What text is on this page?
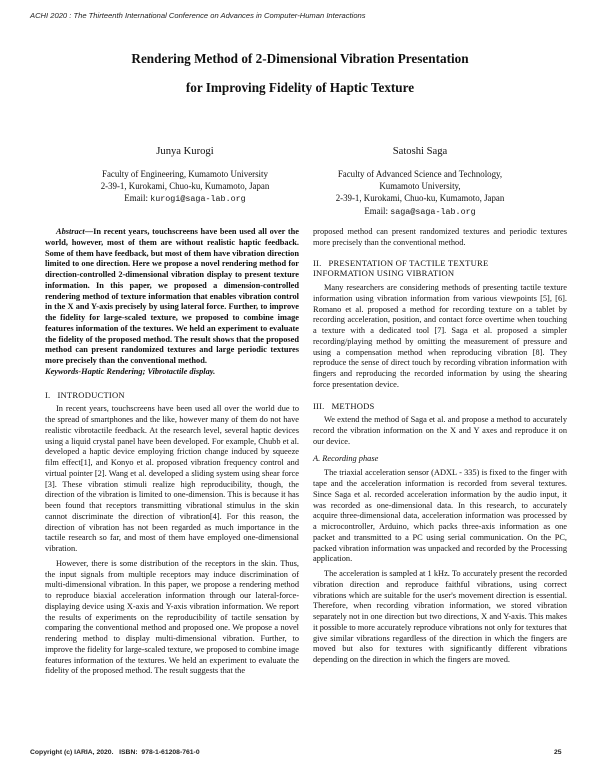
ACHI 2020 : The Thirteenth International Conference on Advances in Computer-Human Interactions
Rendering Method of 2-Dimensional Vibration Presentation
for Improving Fidelity of Haptic Texture
Junya Kurogi	Satoshi Saga
Faculty of Engineering, Kumamoto University
2-39-1, Kurokami, Chuo-ku, Kumamoto, Japan
Email: kurogi@saga-lab.org
Faculty of Advanced Science and Technology,
Kumamoto University,
2-39-1, Kurokami, Chuo-ku, Kumamoto, Japan
Email: saga@saga-lab.org

Abstract—In recent years, touchscreens have been used all over the world, however, most of them are without realistic haptic feedback. Some of them have feedback, but most of them have vibration direction limited to one direction. Here we propose a novel rendering method for direction-controlled 2-dimensional vibration display to present texture information. In this paper, we proposed a dimension-controlled rendering method of texture information that enables vibration control in the X and Y-axis precisely by using lateral force. Further, to improve the fidelity for large-scaled texture, we proposed to combine image features information of the textures. We held an experiment to evaluate the fidelity of the proposed method. The result shows that the proposed method can present randomized textures and large periodic textures more precisely than the conventional method.

Keywords-Haptic Rendering; Vibrotactile display.

I.   INTRODUCTION

In recent years, touchscreens have been used all over the world due to the spread of smartphones and the like, however many of them do not have realistic vibrotactile feedback. At the research level, several haptic devices using a liquid crystal panel have been developed. For example, Chubb et al. developed a haptic device employing friction change induced by squeeze film effect[1], and Konyo et al. proposed vibration frequency control and virtual pointer [2]. Wang et al. developed a sliding system using shear force [3]. These vibration stimuli realize high reproducibility, though, the direction of the vibration is limited to one-dimension. This is because it has been found that receptors transmitting vibrational stimulus in the skin cannot discriminate the direction of vibration[4]. For this reason, the direction of vibration has not been regarded as much importance in the tactile research so far, and most of them have employed one-dimensional vibration.

However, there is some distribution of the receptors in the skin. Thus, the input signals from multiple receptors may induce discrimination of multi-dimensional vibration. In this paper, we propose a rendering method to reproduce biaxial acceleration information through our lateral-force-displaying device using X-axis and Y-axis vibration information. We report the results of experiments on the reproducibility of tactile sensation by comparing the conventional method and proposed one. We propose a novel rendering method to display multi-dimensional vibration. Further, to improve the fidelity for large-scaled texture, we proposed to combine image features information of the textures. We held an experiment to evaluate the fidelity of the proposed method. The result suggests that the

proposed method can present randomized textures and periodic textures more precisely than the conventional method.

II.   PRESENTATION OF TACTILE TEXTURE

INFORMATION USING VIBRATION

Many researchers are considering methods of presenting tactile texture information using vibration information from various viewpoints [5], [6]. Romano et al. proposed a method for recording texture on a tablet by recording acceleration, position, and contact force overtime when touching a texture with a dedicated tool [7]. Saga et al. proposed a simpler recording/playing method by omitting the measurement of pressure and using a compensation method when reproducing vibration [8]. They reproduce the sense of direct touch by recording vibration information with fingers and reproducing the recorded information by using the shearing force presentation device.

III.   METHODS

We extend the method of Saga et al. and propose a method to accurately record the vibration information on the X and Y axes and reproduce it on our device.

A. Recording phase

The triaxial acceleration sensor (ADXL - 335) is fixed to the finger with tape and the acceleration information is recorded from several textures. Since Saga et al. recorded acceleration information by the audio input, it was recorded as one-dimensional data. In this research, to accurately acquire three-dimensional data, acceleration information was processed by a microcontroller, Arduino, which packs three-axis information as one packet and transmitted to a PC using serial communication. On the PC, packed vibration information was unpacked and recorded by the Processing application.

The acceleration is sampled at 1 kHz. To accurately present the recorded vibration direction and reproduce faithful vibrations, using correct vibrations which are suitable for the user's movement direction is essential. Therefore, when recording vibration information, we stored vibration separately not in one direction but two directions, X and Y-axis. This makes it possible to more accurately reproduce vibrations not only for textures that give similar vibrations regardless of the direction in which the fingers are moved but also for textures with significantly different vibrations depending on the direction in which the fingers are moved.

Copyright (c) IARIA, 2020.   ISBN:  978-1-61208-761-0	25
